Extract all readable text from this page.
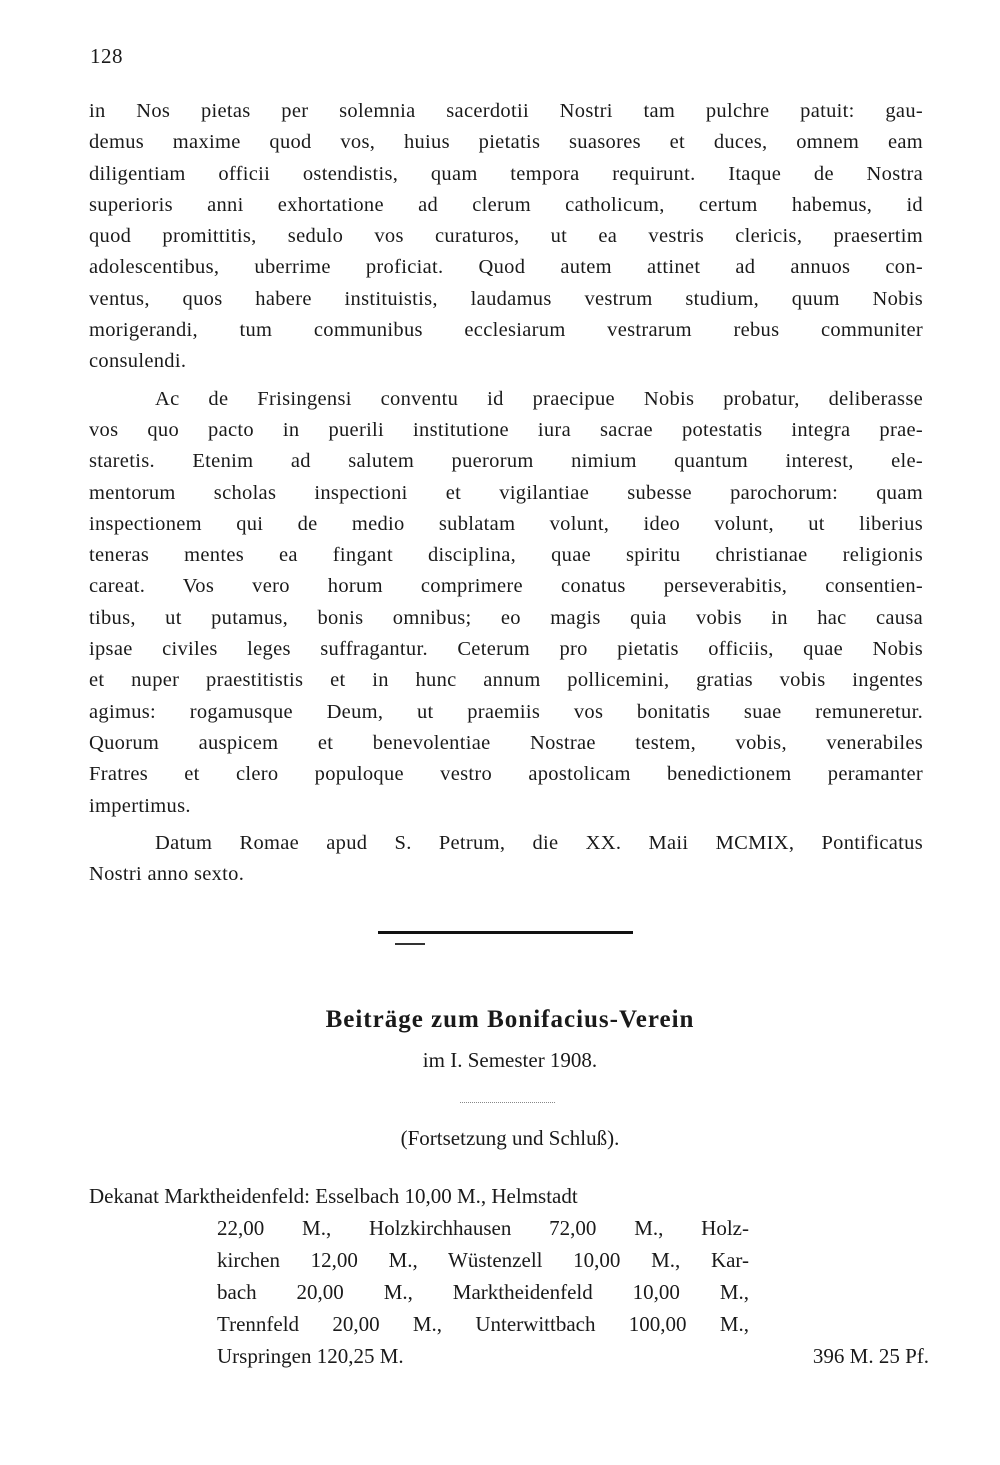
128
in Nos pietas per solemnia sacerdotii Nostri tam pulchre patuit: gau-
demus maxime quod vos, huius pietatis suasores et duces, omnem eam
diligentiam officii ostendistis, quam tempora requirunt. Itaque de Nostra
superioris anni exhortatione ad clerum catholicum, certum habemus, id
quod promittitis, sedulo vos curaturos, ut ea vestris clericis, praesertim
adolescentibus, uberrime proficiat. Quod autem attinet ad annuos con-
ventus, quos habere instituistis, laudamus vestrum studium, quum Nobis
morigerandi, tum communibus ecclesiarum vestrarum rebus communiter
consulendi.
Ac de Frisingensi conventu id praecipue Nobis probatur, deliberasse
vos quo pacto in puerili institutione iura sacrae potestatis integra prae-
staretis. Etenim ad salutem puerorum nimium quantum interest, ele-
mentorum scholas inspectioni et vigilantiae subesse parochorum: quam
inspectionem qui de medio sublatam volunt, ideo volunt, ut liberius
teneras mentes ea fingant disciplina, quae spiritu christianae religionis
careat. Vos vero horum comprimere conatus perseverabitis, consentien-
tibus, ut putamus, bonis omnibus; eo magis quia vobis in hac causa
ipsae civiles leges suffragantur. Ceterum pro pietatis officiis, quae Nobis
et nuper praestitistis et in hunc annum pollicemini, gratias vobis ingentes
agimus: rogamusque Deum, ut praemiis vos bonitatis suae remuneretur.
Quorum auspicem et benevolentiae Nostrae testem, vobis, venerabiles
Fratres et clero populoque vestro apostolicam benedictionem peramanter
impertimus.
Datum Romae apud S. Petrum, die XX. Maii MCMIX, Pontificatus
Nostri anno sexto.
Beiträge zum Bonifacius-Verein
im I. Semester 1908.
(Fortsetzung und Schluß).
Dekanat Marktheidenfeld: Esselbach 10,00 M., Helmstadt
22,00 M., Holzkirchhausen 72,00 M., Holz-
kirchen 12,00 M., Wüstenzell 10,00 M., Kar-
bach 20,00 M., Marktheidenfeld 10,00 M.,
Trennfeld 20,00 M., Unterwittbach 100,00 M.,
Urspringen 120,25 M.	396 M. 25 Pf.
